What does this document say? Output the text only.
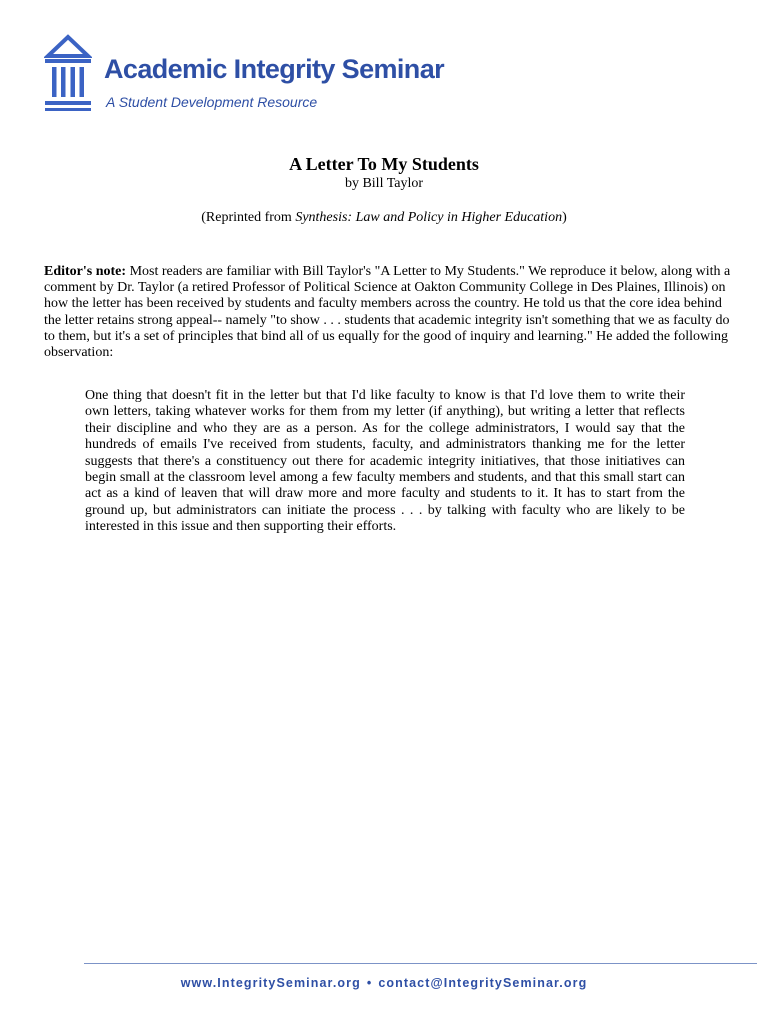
Academic Integrity Seminar

A Student Development Resource

A Letter To My Students
by Bill Taylor
(Reprinted from Synthesis: Law and Policy in Higher Education)

Editor's note: Most readers are familiar with Bill Taylor's "A Letter to My Students." We reproduce it below, along with a comment by Dr. Taylor (a retired Professor of Political Science at Oakton Community College in Des Plaines, Illinois) on how the letter has been received by students and faculty members across the country. He told us that the core idea behind the letter retains strong appeal-- namely "to show . . . students that academic integrity isn't something that we as faculty do to them, but it's a set of principles that bind all of us equally for the good of inquiry and learning." He added the following observation:

One thing that doesn't fit in the letter but that I'd like faculty to know is that I'd love them to write their own letters, taking whatever works for them from my letter (if anything), but writing a letter that reflects their discipline and who they are as a person. As for the college administrators, I would say that the hundreds of emails I've received from students, faculty, and administrators thanking me for the letter suggests that there's a constituency out there for academic integrity initiatives, that those initiatives can begin small at the classroom level among a few faculty members and students, and that this small start can act as a kind of leaven that will draw more and more faculty and students to it. It has to start from the ground up, but administrators can initiate the process . . . by talking with faculty who are likely to be interested in this issue and then supporting their efforts.

www.IntegritySeminar.org • contact@IntegritySeminar.org
